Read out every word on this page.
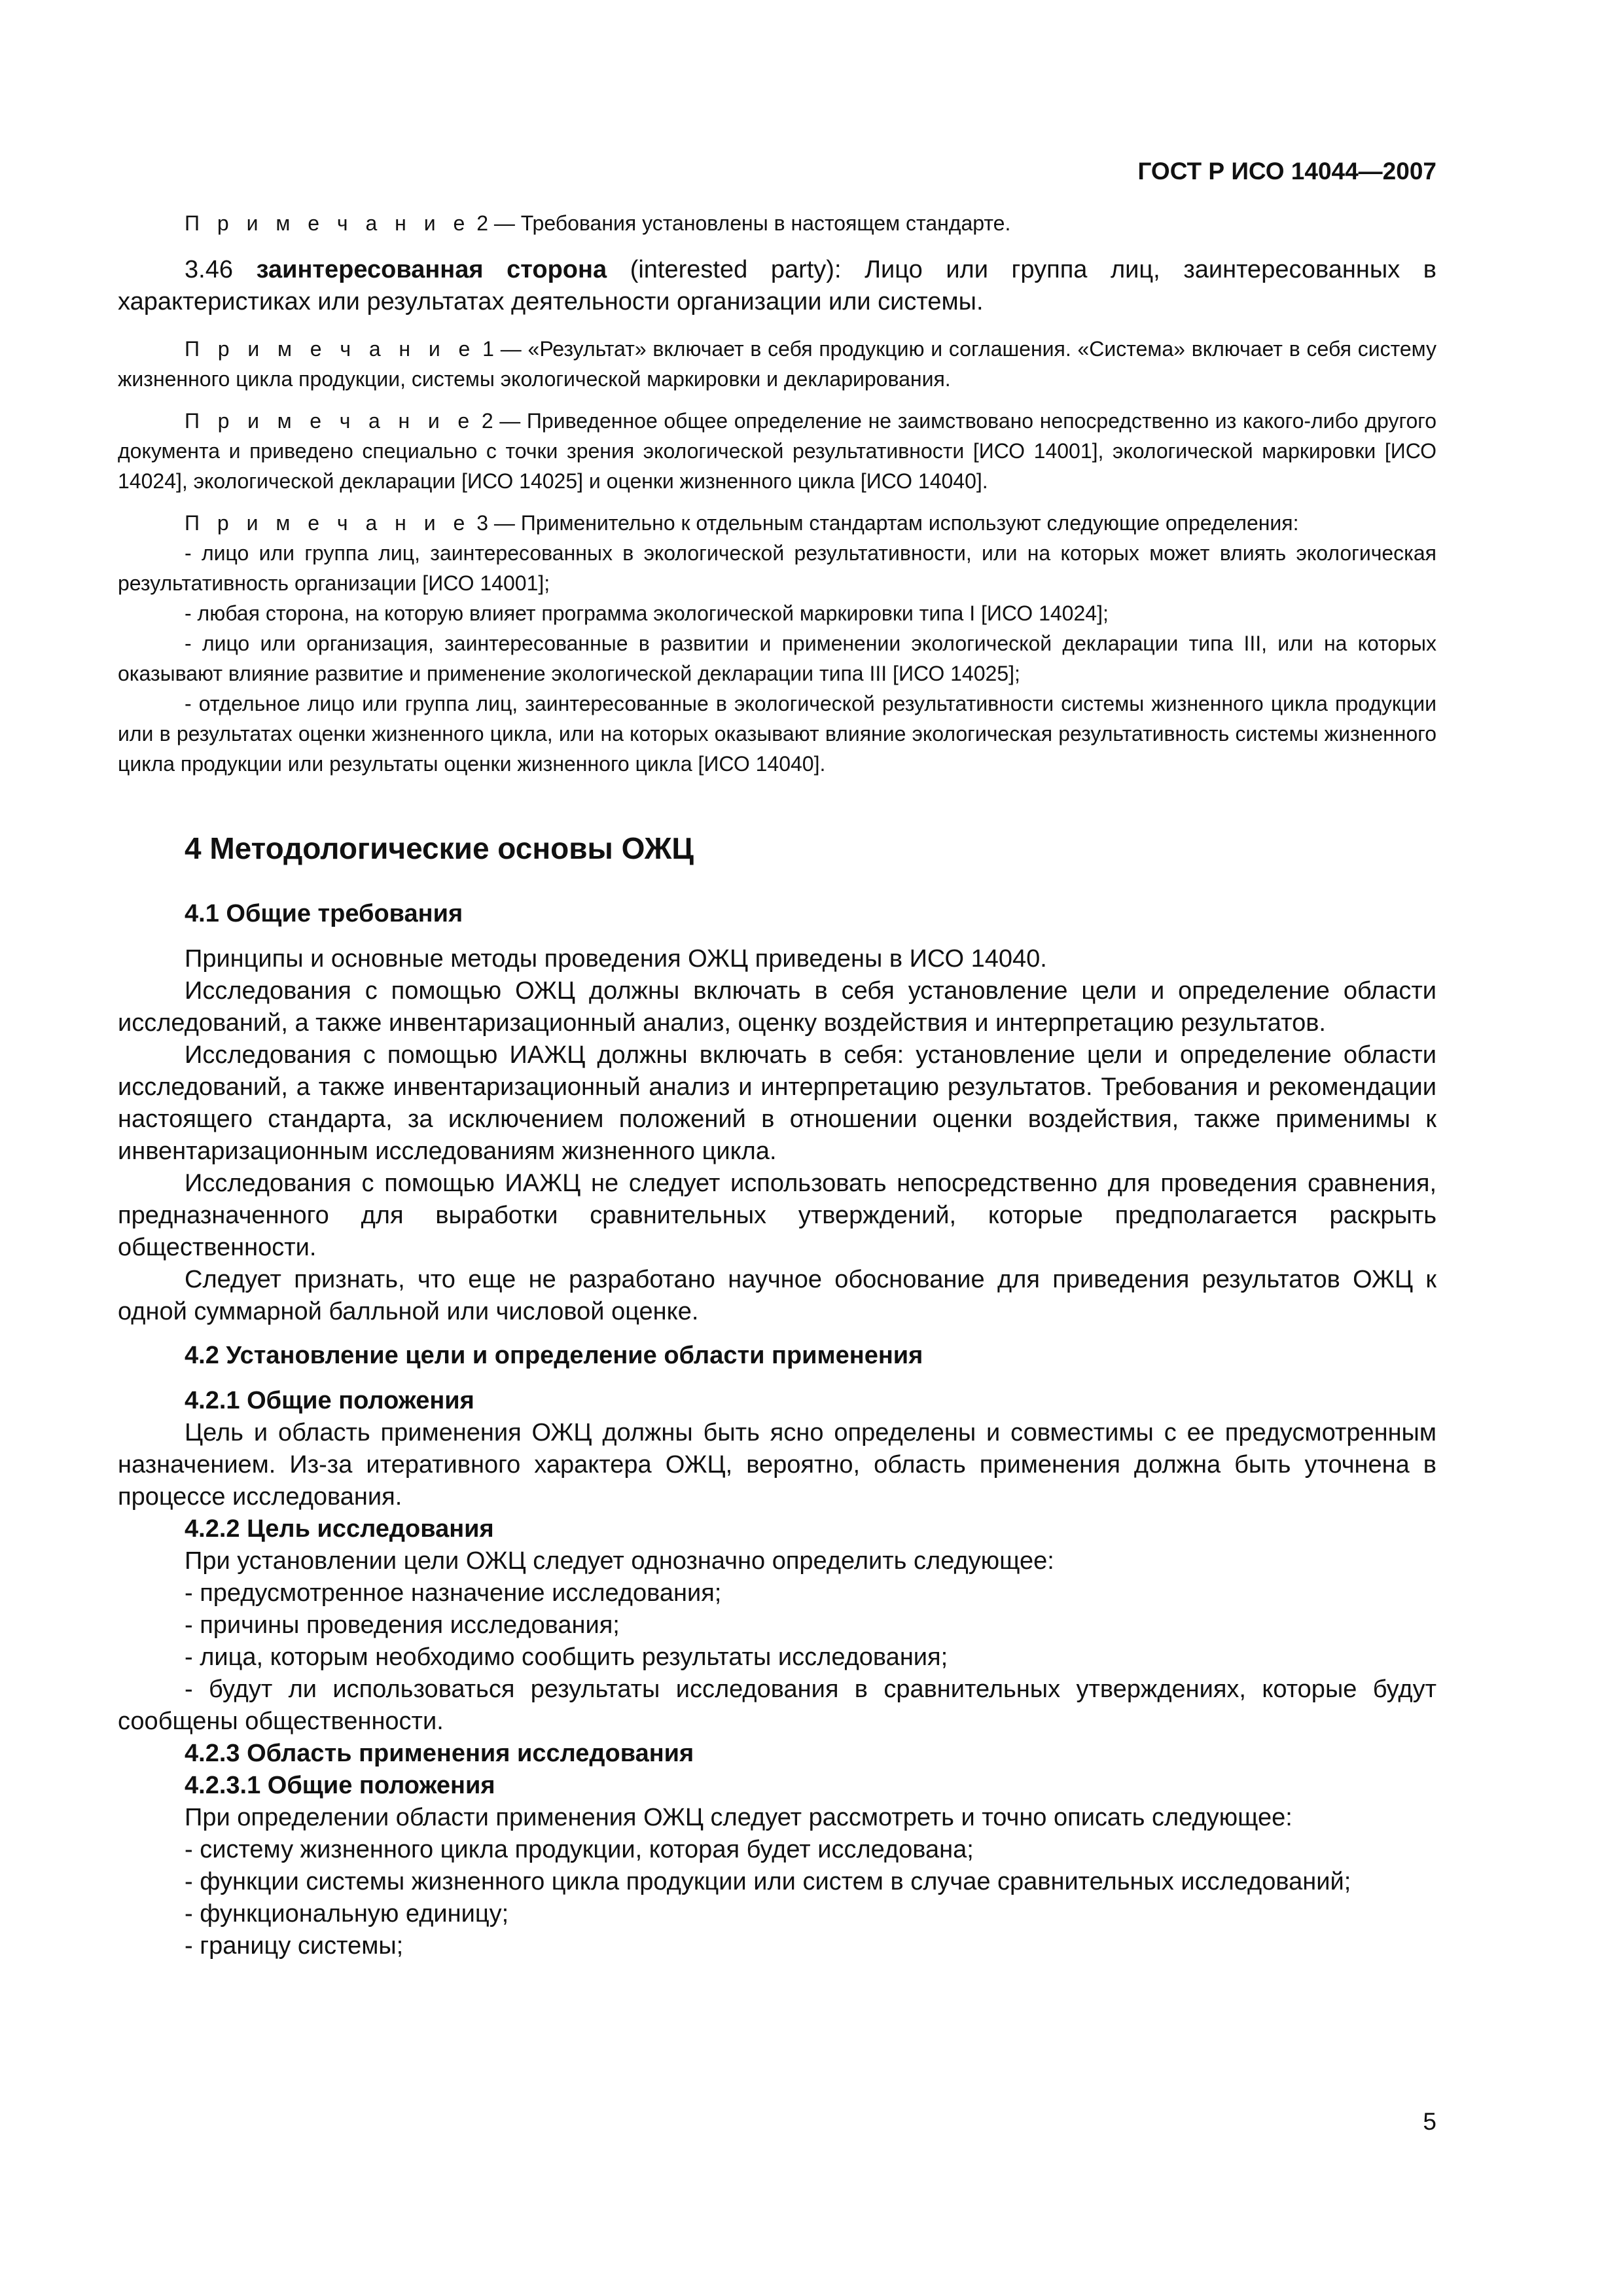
ГОСТ Р ИСО 14044—2007

П р и м е ч а н и е 2 — Требования установлены в настоящем стандарте.

3.46 заинтересованная сторона (interested party): Лицо или группа лиц, заинтересованных в характеристиках или результатах деятельности организации или системы.

П р и м е ч а н и е 1 — «Результат» включает в себя продукцию и соглашения. «Система» включает в себя систему жизненного цикла продукции, системы экологической маркировки и декларирования.

П р и м е ч а н и е 2 — Приведенное общее определение не заимствовано непосредственно из какого-либо другого документа и приведено специально с точки зрения экологической результативности [ИСО 14001], экологической маркировки [ИСО 14024], экологической декларации [ИСО 14025] и оценки жизненного цикла [ИСО 14040].

П р и м е ч а н и е 3 — Применительно к отдельным стандартам используют следующие определения:

- лицо или группа лиц, заинтересованных в экологической результативности, или на которых может влиять экологическая результативность организации [ИСО 14001];

- любая сторона, на которую влияет программа экологической маркировки типа I [ИСО 14024];

- лицо или организация, заинтересованные в развитии и применении экологической декларации типа III, или на которых оказывают влияние развитие и применение экологической декларации типа III [ИСО 14025];

- отдельное лицо или группа лиц, заинтересованные в экологической результативности системы жизненного цикла продукции или в результатах оценки жизненного цикла, или на которых оказывают влияние экологическая результативность системы жизненного цикла продукции или результаты оценки жизненного цикла [ИСО 14040].

4 Методологические основы ОЖЦ
4.1 Общие требования

Принципы и основные методы проведения ОЖЦ приведены в ИСО 14040.

Исследования с помощью ОЖЦ должны включать в себя установление цели и определение области исследований, а также инвентаризационный анализ, оценку воздействия и интерпретацию результатов.

Исследования с помощью ИАЖЦ должны включать в себя: установление цели и определение области исследований, а также инвентаризационный анализ и интерпретацию результатов. Требования и рекомендации настоящего стандарта, за исключением положений в отношении оценки воздействия, также применимы к инвентаризационным исследованиям жизненного цикла.

Исследования с помощью ИАЖЦ не следует использовать непосредственно для проведения сравнения, предназначенного для выработки сравнительных утверждений, которые предполагается раскрыть общественности.

Следует признать, что еще не разработано научное обоснование для приведения результатов ОЖЦ к одной суммарной балльной или числовой оценке.

4.2 Установление цели и определение области применения
4.2.1 Общие положения

Цель и область применения ОЖЦ должны быть ясно определены и совместимы с ее предусмотренным назначением. Из-за итеративного характера ОЖЦ, вероятно, область применения должна быть уточнена в процессе исследования.

4.2.2 Цель исследования

При установлении цели ОЖЦ следует однозначно определить следующее:

- предусмотренное назначение исследования;

- причины проведения исследования;

- лица, которым необходимо сообщить результаты исследования;

- будут ли использоваться результаты исследования в сравнительных утверждениях, которые будут сообщены общественности.

4.2.3 Область применения исследования
4.2.3.1 Общие положения

При определении области применения ОЖЦ следует рассмотреть и точно описать следующее:

- систему жизненного цикла продукции, которая будет исследована;

- функции системы жизненного цикла продукции или систем в случае сравнительных исследований;

- функциональную единицу;

- границу системы;

5
